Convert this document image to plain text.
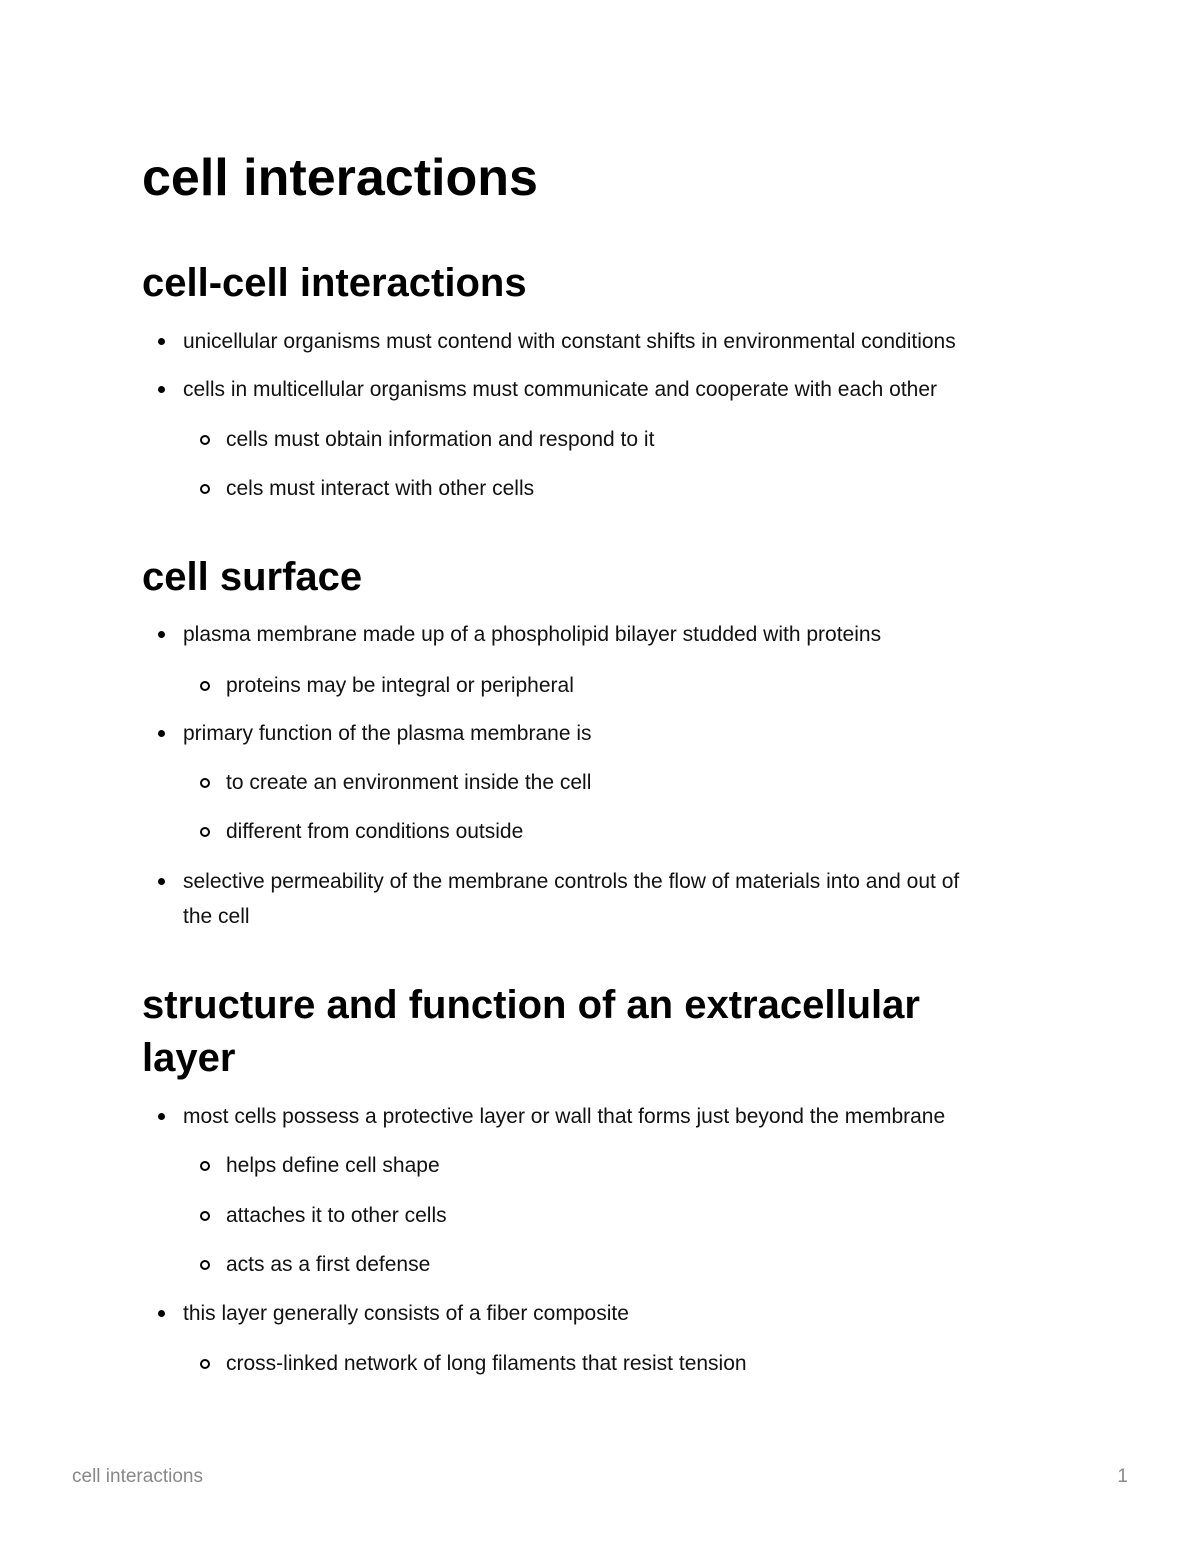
cell interactions
cell-cell interactions
unicellular organisms must contend with constant shifts in environmental conditions
cells in multicellular organisms must communicate and cooperate with each other
cells must obtain information and respond to it
cels must interact with other cells
cell surface
plasma membrane made up of a phospholipid bilayer studded with proteins
proteins may be integral or peripheral
primary function of the plasma membrane is
to create an environment inside the cell
different from conditions outside
selective permeability of the membrane controls the flow of materials into and out of
the cell
structure and function of an extracellular
layer
most cells possess a protective layer or wall that forms just beyond the membrane
helps define cell shape
attaches it to other cells
acts as a first defense
this layer generally consists of a fiber composite
cross-linked network of long filaments that resist tension
cell interactions	1
